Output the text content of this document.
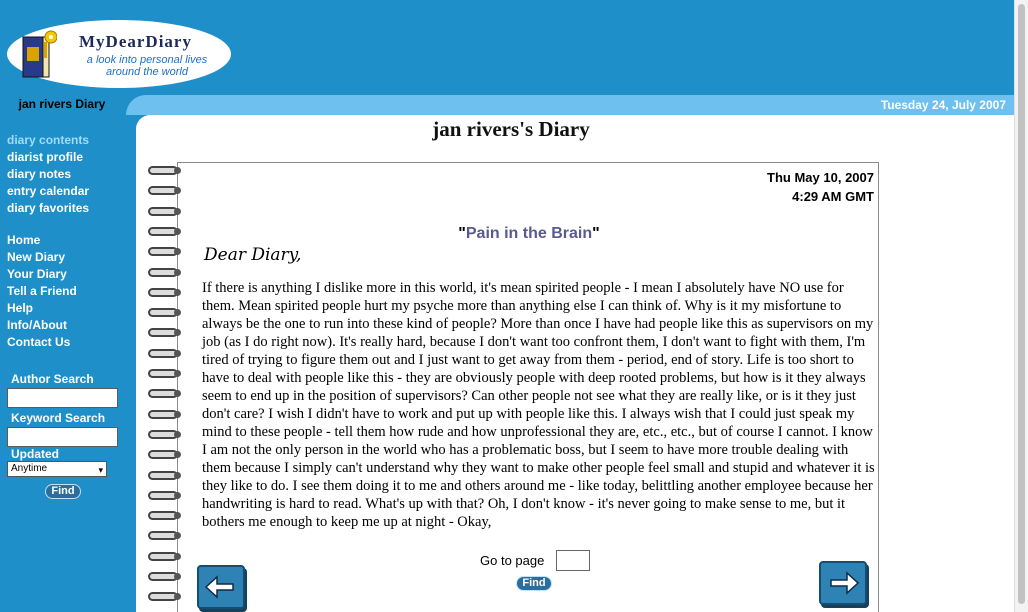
MyDearDiary
a look into personal lives around the world
Tuesday 24, July 2007
jan rivers Diary
diary contents
diarist profile
diary notes
entry calendar
diary favorites
Home
New Diary
Your Diary
Tell a Friend
Help
Info/About
Contact Us
Author Search
Keyword Search
Updated
Anytime	▾
Find
jan rivers's Diary
Thu May 10, 2007
4:29 AM GMT
"Pain in the Brain"
Dear Diary,
If there is anything I dislike more in this world, it's mean spirited people - I mean I absolutely have NO use for them. Mean spirited people hurt my psyche more than anything else I can think of. Why is it my misfortune to always be the one to run into these kind of people? More than once I have had people like this as supervisors on my job (as I do right now). It's really hard, because I don't want too confront them, I don't want to fight with them, I'm tired of trying to figure them out and I just want to get away from them - period, end of story. Life is too short to have to deal with people like this - they are obviously people with deep rooted problems, but how is it they always seem to end up in the position of supervisors? Can other people not see what they are really like, or is it they just don't care? I wish I didn't have to work and put up with people like this. I always wish that I could just speak my mind to these people - tell them how rude and how unprofessional they are, etc., etc., but of course I cannot. I know I am not the only person in the world who has a problematic boss, but I seem to have more trouble dealing with them because I simply can't understand why they want to make other people feel small and stupid and whatever it is they like to do. I see them doing it to me and others around me - like today, belittling another employee because her handwriting is hard to read. What's up with that? Oh, I don't know - it's never going to make sense to me, but it bothers me enough to keep me up at night - Okay,
Go to page
Find
